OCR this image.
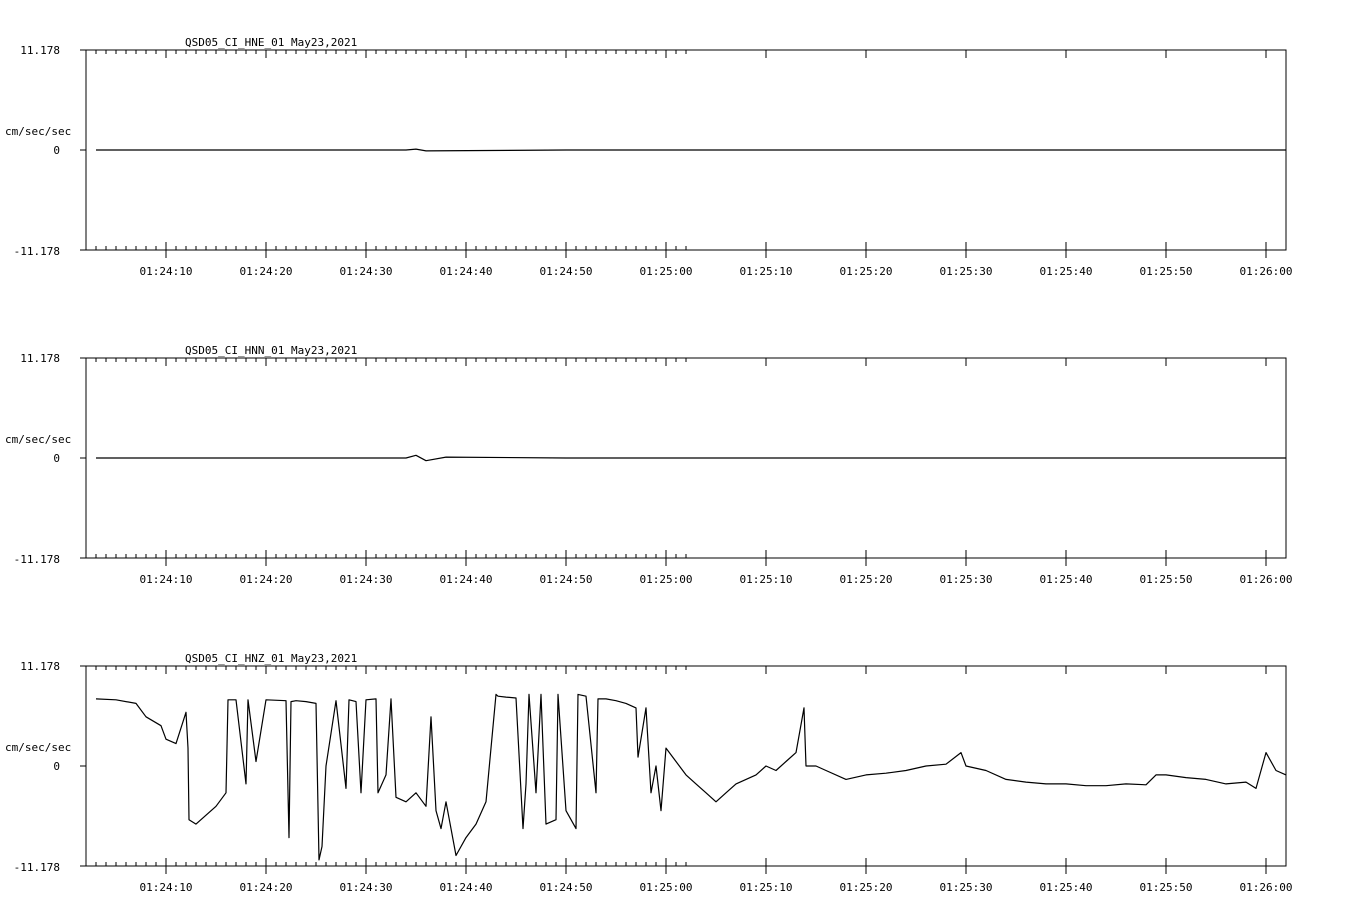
QSD05_CI_HNE_01 May23,2021
11.178
0
-11.178
cm/sec/sec
01:24:10	01:24:20	01:24:30	01:24:40	01:24:50	01:25:00	01:25:10	01:25:20	01:25:30	01:25:40	01:25:50	01:26:00
QSD05_CI_HNN_01 May23,2021
11.178
0
-11.178
cm/sec/sec
01:24:10	01:24:20	01:24:30	01:24:40	01:24:50	01:25:00	01:25:10	01:25:20	01:25:30	01:25:40	01:25:50	01:26:00
QSD05_CI_HNZ_01 May23,2021
11.178
0
-11.178
cm/sec/sec
01:24:10	01:24:20	01:24:30	01:24:40	01:24:50	01:25:00	01:25:10	01:25:20	01:25:30	01:25:40	01:25:50	01:26:00
